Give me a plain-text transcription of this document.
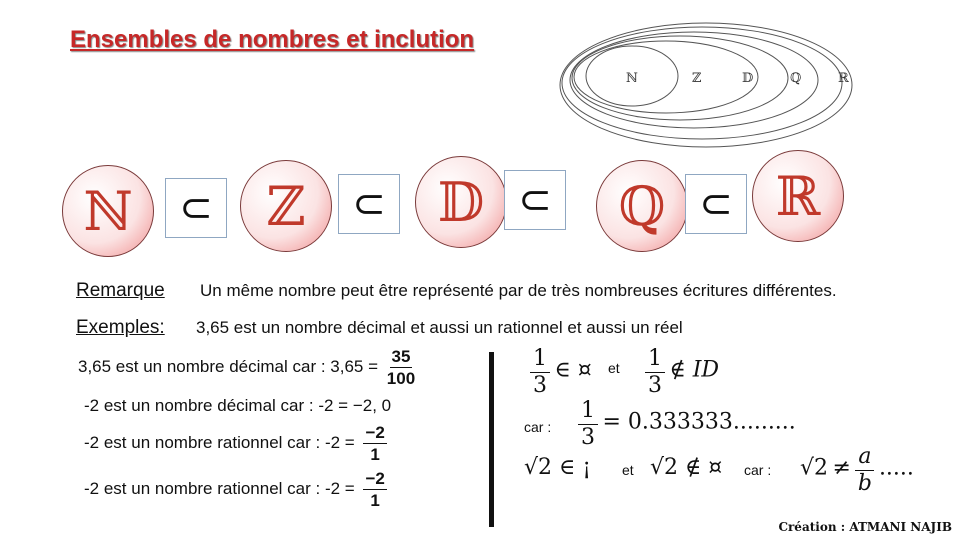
Ensembles de nombres et inclution
ℕ	ℤ	𝔻	ℚ	ℝ
ℕ ⊂ ℤ ⊂ 𝔻 ⊂ ℚ ⊂ ℝ
Remarque Un même nombre peut être représenté par de très nombreuses écritures différentes.
Exemples: 3,65 est un nombre décimal et aussi un rationnel et aussi un réel
3,65 est un nombre décimal car : $3,65 = \frac{35}{100}$
-2 est un nombre décimal car : -2 = −2, 0
-2 est un nombre rationnel car : $-2 = \frac{-2}{1}$
-2 est un nombre rationnel car : $-2 = \frac{-2}{1}$
$\frac{1}{3}$ ∈ ¤ et $\frac{1}{3}$ ∉ ID
car : $\frac{1}{3} = 0.333333$.........
√2 ∈ ¡ et √2 ∉ ¤ car : $√2 \ne \frac{a}{b}$ .....
Création : ATMANI NAJIB
